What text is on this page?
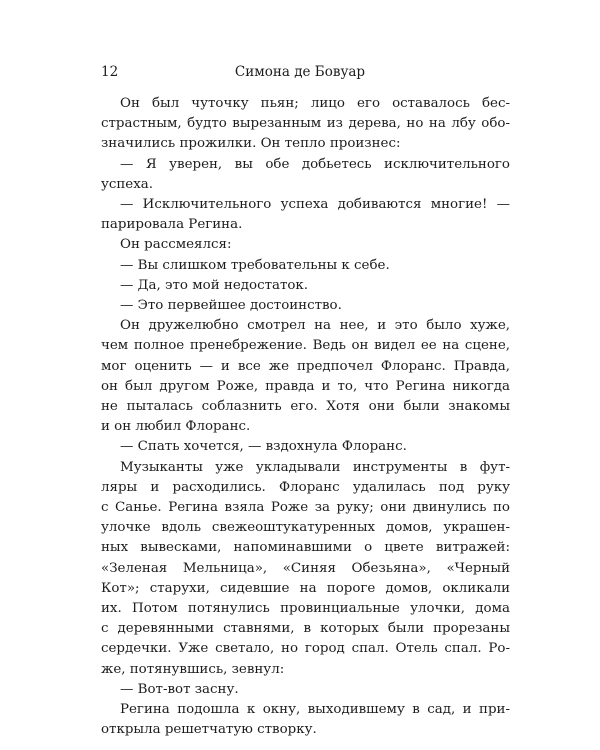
12	Симона де Бовуар
Он был чуточку пьян; лицо его оставалось бес-
страстным, будто вырезанным из дерева, но на лбу обо-
значились прожилки. Он тепло произнес:
— Я уверен, вы обе добьетесь исключительного
успеха.
— Исключительного успеха добиваются многие! —
парировала Регина.
Он рассмеялся:
— Вы слишком требовательны к себе.
— Да, это мой недостаток.
— Это первейшее достоинство.
Он дружелюбно смотрел на нее, и это было хуже,
чем полное пренебрежение. Ведь он видел ее на сцене,
мог оценить — и все же предпочел Флоранс. Правда,
он был другом Роже, правда и то, что Регина никогда
не пыталась соблазнить его. Хотя они были знакомы
и он любил Флоранс.
— Спать хочется, — вздохнула Флоранс.
Музыканты уже укладывали инструменты в фут-
ляры и расходились. Флоранс удалилась под руку
с Санье. Регина взяла Роже за руку; они двинулись по
улочке вдоль свежеоштукатуренных домов, украшен-
ных вывесками, напоминавшими о цвете витражей:
«Зеленая Мельница», «Синяя Обезьяна», «Черный
Кот»; старухи, сидевшие на пороге домов, окликали
их. Потом потянулись провинциальные улочки, дома
с деревянными ставнями, в которых были прорезаны
сердечки. Уже светало, но город спал. Отель спал. Ро-
же, потянувшись, зевнул:
— Вот-вот засну.
Регина подошла к окну, выходившему в сад, и при-
открыла решетчатую створку.
